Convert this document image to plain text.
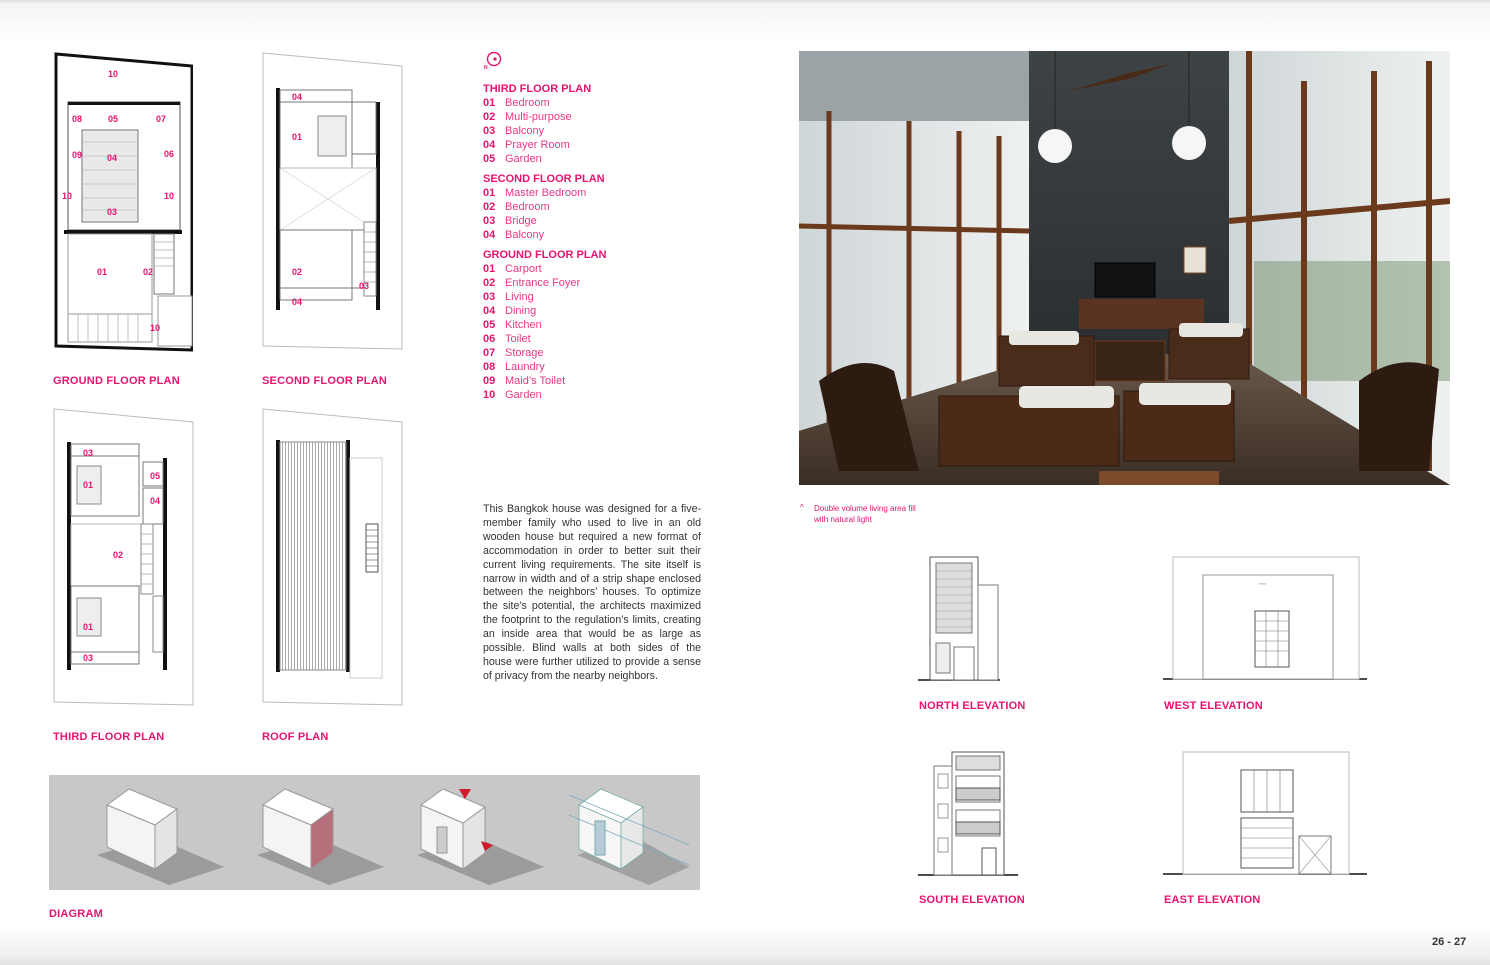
10
08	05	07
09	04	06
10	10
03
01	02
10
GROUND FLOOR PLAN
04
01
02
03
04
SECOND FLOOR PLAN
03
05
01
04
02
01
03
THIRD FLOOR PLAN	ROOF PLAN
N
THIRD FLOOR PLAN
01 Bedroom
02 Multi-purpose
03 Balcony
04 Prayer Room
05 Garden
SECOND FLOOR PLAN
01 Master Bedroom
02 Bedroom
03 Bridge
04 Balcony
GROUND FLOOR PLAN
01 Carport
02 Entrance Foyer
03 Living
04 Dining
05 Kitchen
06 Toilet
07 Storage
08 Laundry
09 Maid’s Toilet
10 Garden

This Bangkok house was designed for a five-member family who used to live in an old wooden house but required a new format of accommodation in order to better suit their current living requirements. The site itself is narrow in width and of a strip shape enclosed between the neighbors’ houses. To optimize the site’s potential, the architects maximized the footprint to the regulation’s limits, creating an inside area that would be as large as possible. Blind walls at both sides of the house were further utilized to provide a sense of privacy from the nearby neighbors.

DIAGRAM
^ Double volume living area fill with natural light
NORTH ELEVATION
▪▪▪▪▪
WEST ELEVATION
SOUTH ELEVATION	EAST ELEVATION
26 - 27
